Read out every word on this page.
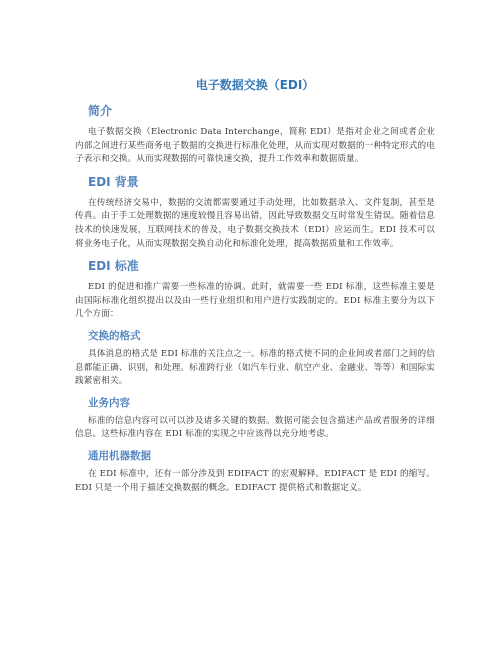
电子数据交换（EDI）
简介

电子数据交换（Electronic Data Interchange，简称 EDI）是指对企业之间或者企业内部之间进行某些商务电子数据的交换进行标准化处理，从而实现对数据的一种特定形式的电子表示和交换。从而实现数据的可靠快速交换，提升工作效率和数据质量。

EDI 背景

在传统经济交易中，数据的交流都需要通过手动处理，比如数据录入、文件复制，甚至是传真。由于手工处理数据的速度较慢且容易出错，因此导致数据交互时常发生错误。随着信息技术的快速发展，互联网技术的普及，电子数据交换技术（EDI）应运而生。EDI 技术可以将业务电子化，从而实现数据交换自动化和标准化处理，提高数据质量和工作效率。

EDI 标准

EDI 的促进和推广需要一些标准的协调。此时，就需要一些 EDI 标准，这些标准主要是由国际标准化组织提出以及由一些行业组织和用户进行实践制定的。EDI 标准主要分为以下几个方面：

交换的格式

具体消息的格式是 EDI 标准的关注点之一。标准的格式使不同的企业间或者部门之间的信息都能正确、识别，和处理。标准跨行业（如汽车行业、航空产业、金融业、等等）和国际实践紧密相关。

业务内容

标准的信息内容可以可以涉及诸多关键的数据。数据可能会包含描述产品或者服务的详细信息。这些标准内容在 EDI 标准的实现之中应该得以充分地考虑。

通用机器数据

在 EDI 标准中，还有一部分涉及到 EDIFACT 的宏观解释。EDIFACT 是 EDI 的缩写。EDI 只是一个用于描述交换数据的概念。EDIFACT 提供格式和数据定义。
